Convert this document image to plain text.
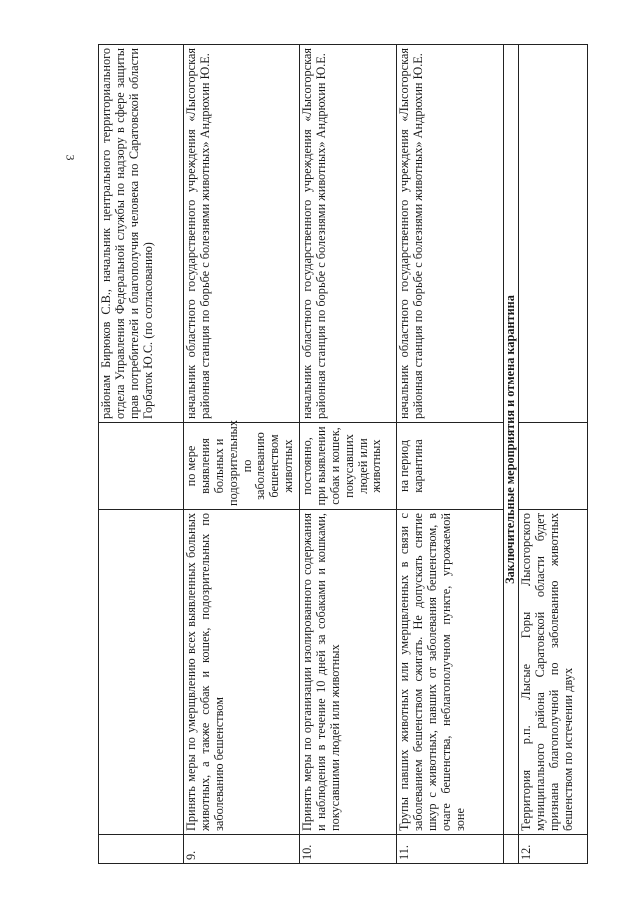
3
			районам Бирюков С.В., начальник центрального территориального отдела Управления Федеральной службы по надзору в сфере защиты прав потребителей и благополучия человека по Саратовской области Горбаток Ю.С. (по согласованию)
9.	Принять меры по умерщвлению всех выявленных больных животных, а также собак и кошек, подозрительных по заболеванию бешенством	по мере выявления больных и подозрительных по заболеванию бешенством животных	начальник областного государственного учреждения «Лысогорская районная станция по борьбе с болезнями животных» Андрюхин Ю.Е.
10.	Принять меры по организации изолированного содержания и наблюдения в течение 10 дней за собаками и кошками, покусавшими людей или животных	постоянно, при выявлении собак и кошек, покусавших людей или животных	начальник областного государственного учреждения «Лысогорская районная станция по борьбе с болезнями животных» Андрюхин Ю.Е.
11.	Трупы павших животных или умерщвленных в связи с заболеванием бешенством сжигать. Не допускать снятие шкур с животных, павших от заболевания бешенством, в очаге бешенства, неблагополучном пункте, угрожаемой зоне	на период карантина	начальник областного государственного учреждения «Лысогорская районная станция по борьбе с болезнями животных» Андрюхин Ю.Е.
	Заключительные мероприятия и отмена карантина		
12.	Территория р.п. Лысые Горы Лысогорского муниципального района Саратовской области будет признана благополучной по заболеванию животных бешенством по истечении двух		
